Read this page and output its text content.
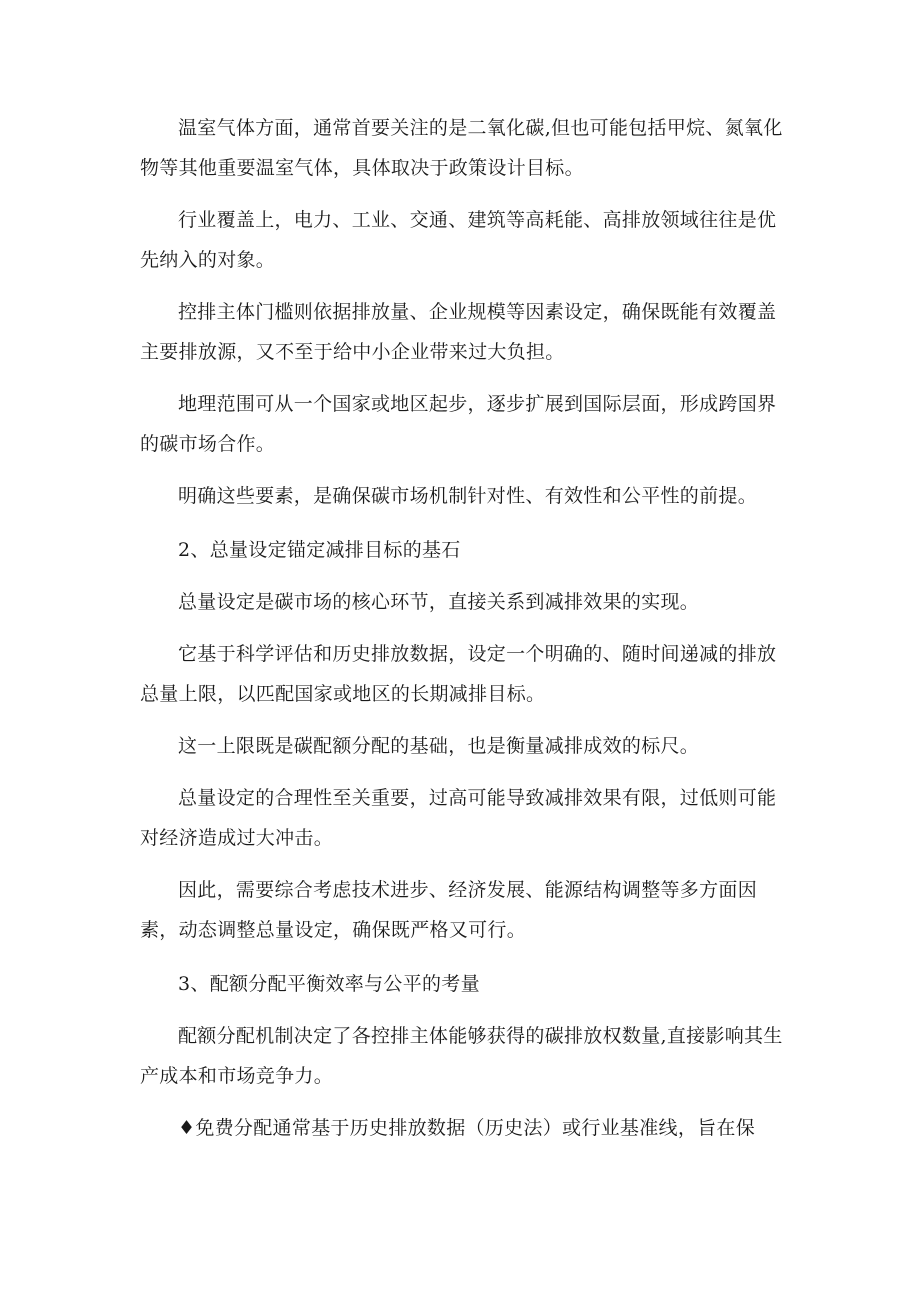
温室气体方面，通常首要关注的是二氧化碳,但也可能包括甲烷、氮氧化物等其他重要温室气体，具体取决于政策设计目标。

行业覆盖上，电力、工业、交通、建筑等高耗能、高排放领域往往是优先纳入的对象。

控排主体门槛则依据排放量、企业规模等因素设定，确保既能有效覆盖主要排放源，又不至于给中小企业带来过大负担。

地理范围可从一个国家或地区起步，逐步扩展到国际层面，形成跨国界的碳市场合作。

明确这些要素，是确保碳市场机制针对性、有效性和公平性的前提。

2、总量设定锚定减排目标的基石

总量设定是碳市场的核心环节，直接关系到减排效果的实现。

它基于科学评估和历史排放数据，设定一个明确的、随时间递减的排放总量上限，以匹配国家或地区的长期减排目标。

这一上限既是碳配额分配的基础，也是衡量减排成效的标尺。

总量设定的合理性至关重要，过高可能导致减排效果有限，过低则可能对经济造成过大冲击。

因此，需要综合考虑技术进步、经济发展、能源结构调整等多方面因素，动态调整总量设定，确保既严格又可行。

3、配额分配平衡效率与公平的考量

配额分配机制决定了各控排主体能够获得的碳排放权数量,直接影响其生产成本和市场竞争力。

♦免费分配通常基于历史排放数据（历史法）或行业基准线，旨在保
